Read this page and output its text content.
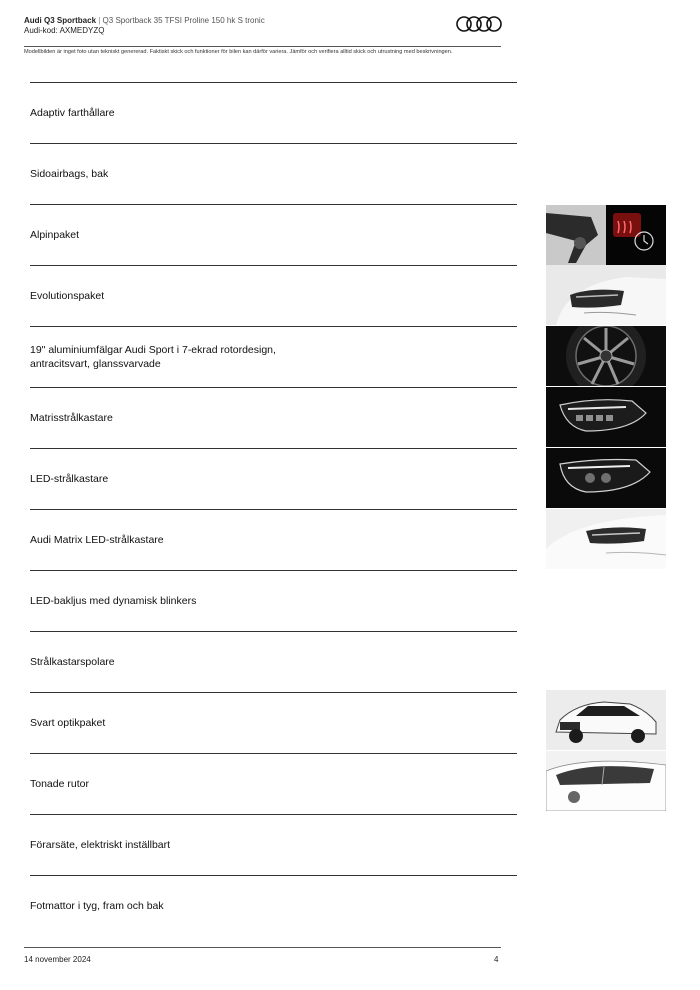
Audi Q3 Sportback | Q3 Sportback 35 TFSI Proline 150 hk S tronic
Audi-kod: AXMEDYZQ
Modellbilden är inget foto utan tekniskt genererad. Faktiskt skick och funktioner för bilen kan därför variera. Jämför och verifiera alltid skick och utrustning med beskrivningen.
Adaptiv farthållare
Sidoairbags, bak
Alpinpaket
Evolutionspaket
19" aluminiumfälgar Audi Sport i 7-ekrad rotordesign, antracitsvart, glanssvarvade
Matrisstrålkastare
LED-strålkastare
Audi Matrix LED-strålkastare
LED-bakljus med dynamisk blinkers
Strålkastarspolare
Svart optikpaket
Tonade rutor
Förarsäte, elektriskt inställbart
Fotmattor i tyg, fram och bak
14 november 2024	4
